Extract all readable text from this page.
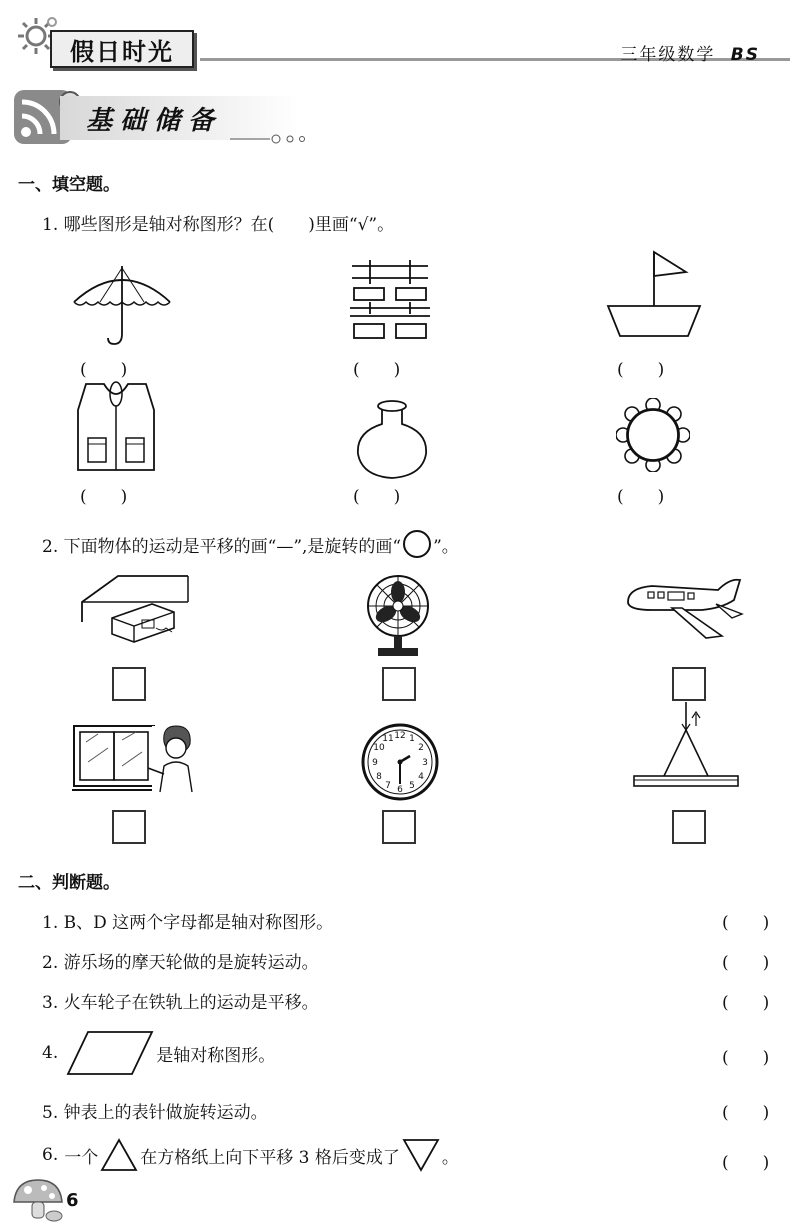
假日时光	三年级数学 BS
基础储备
一、填空题。
1. 哪些图形是轴对称图形？在(　　)里画“√”。
(　　)	(　　)	(　　)
(　　)	(　　)	(　　)
2. 下面物体的运动是平移的画“—”,是旋转的画“ ”。
12 1
2
3
4
5
6
7
8
9
10
11
二、判断题。
1. B、D 这两个字母都是轴对称图形。	(　　)
2. 游乐场的摩天轮做的是旋转运动。	(　　)
3. 火车轮子在铁轨上的运动是平移。	(　　)
4.	是轴对称图形。	(　　)
5. 钟表上的表针做旋转运动。	(　　)
6. 一个 在方格纸上向下平移 3 格后变成了 。	(　　)
6
